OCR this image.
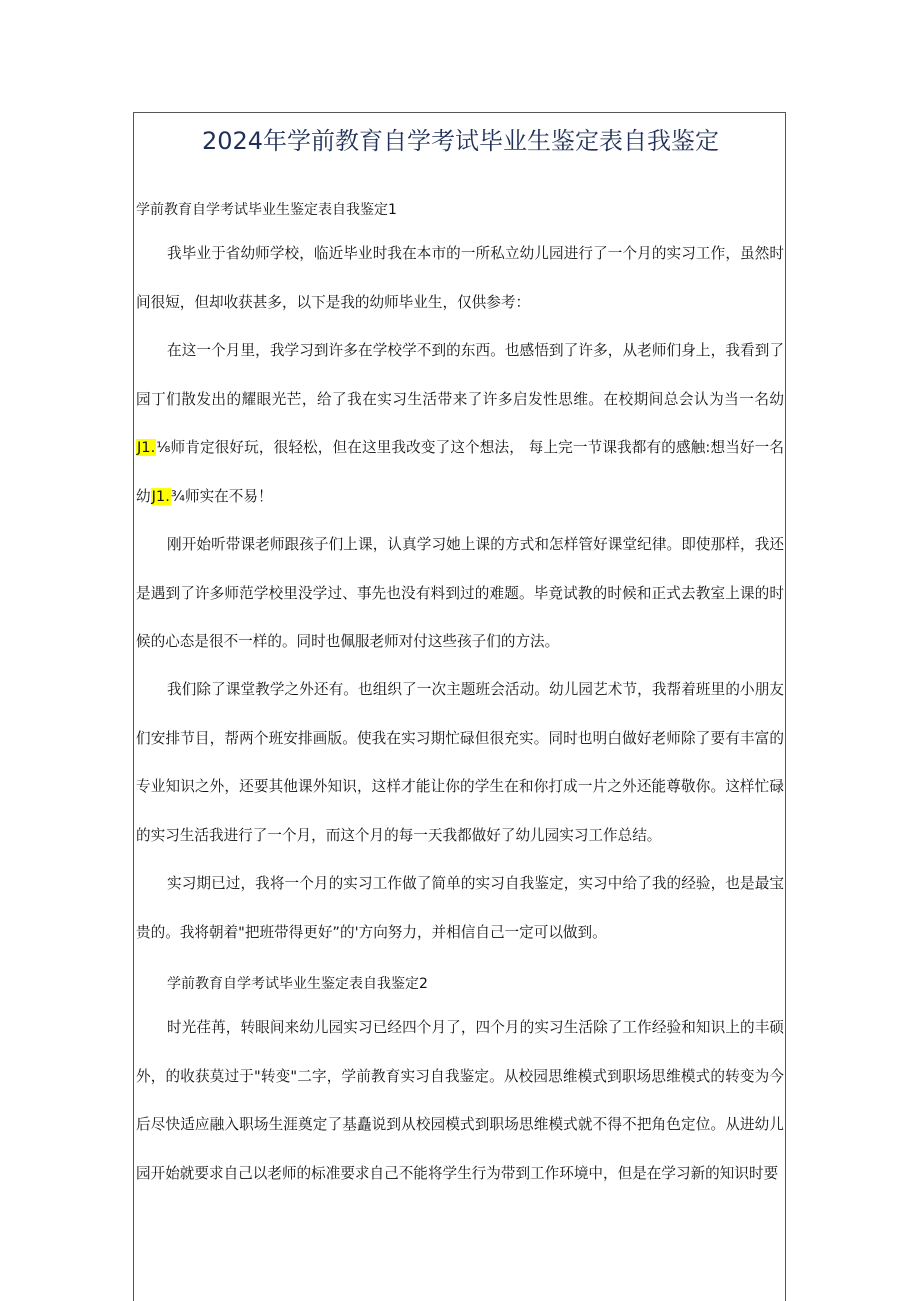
2024年学前教育自学考试毕业生鉴定表自我鉴定
学前教育自学考试毕业生鉴定表自我鉴定1

我毕业于省幼师学校，临近毕业时我在本市的一所私立幼儿园进行了一个月的实习工作，虽然时间很短，但却收获甚多，以下是我的幼师毕业生，仅供参考：

在这一个月里，我学习到许多在学校学不到的东西。也感悟到了许多，从老师们身上，我看到了园丁们散发出的耀眼光芒，给了我在实习生活带来了许多启发性思维。在校期间总会认为当一名幼J1.⅛师肯定很好玩，很轻松，但在这里我改变了这个想法， 每上完一节课我都有的感触:想当好一名幼J1.¾师实在不易！

刚开始听带课老师跟孩子们上课，认真学习她上课的方式和怎样管好课堂纪律。即使那样，我还是遇到了许多师范学校里没学过、事先也没有料到过的难题。毕竟试教的时候和正式去教室上课的时候的心态是很不一样的。同时也佩服老师对付这些孩子们的方法。

我们除了课堂教学之外还有。也组织了一次主题班会活动。幼儿园艺术节，我帮着班里的小朋友们安排节目，帮两个班安排画版。使我在实习期忙碌但很充实。同时也明白做好老师除了要有丰富的专业知识之外，还要其他课外知识，这样才能让你的学生在和你打成一片之外还能尊敬你。这样忙碌的实习生活我进行了一个月，而这个月的每一天我都做好了幼儿园实习工作总结。

实习期已过，我将一个月的实习工作做了简单的实习自我鉴定，实习中给了我的经验，也是最宝贵的。我将朝着"把班带得更好”的'方向努力，并相信自己一定可以做到。

学前教育自学考试毕业生鉴定表自我鉴定2

时光荏苒，转眼间来幼儿园实习已经四个月了，四个月的实习生活除了工作经验和知识上的丰硕外，的收获莫过于"转变"二字，学前教育实习自我鉴定。从校园思维模式到职场思维模式的转变为今后尽快适应融入职场生涯奠定了基矗说到从校园模式到职场思维模式就不得不把角色定位。从进幼儿园开始就要求自己以老师的标准要求自己不能将学生行为带到工作环境中，但是在学习新的知识时要
